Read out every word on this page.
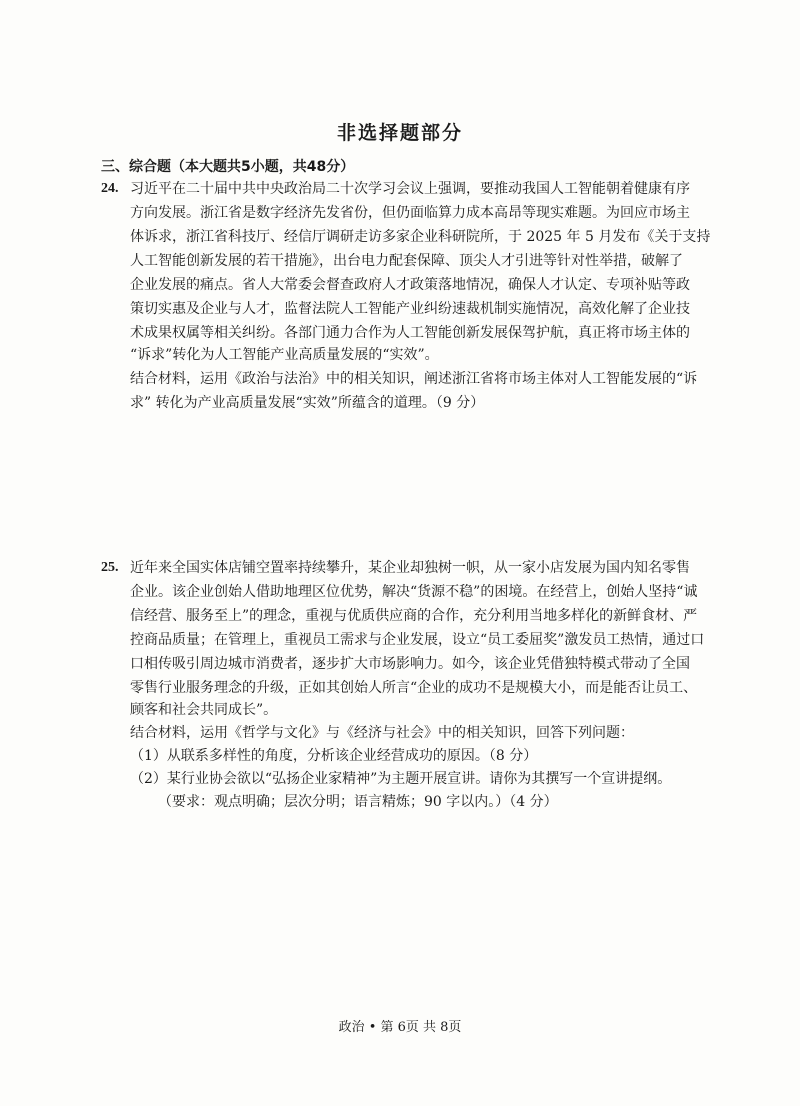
非选择题部分
三、综合题（本大题共5小题，共48分）
24. 习近平在二十届中共中央政治局二十次学习会议上强调，要推动我国人工智能朝着健康有序
方向发展。浙江省是数字经济先发省份，但仍面临算力成本高昂等现实难题。为回应市场主
体诉求，浙江省科技厅、经信厅调研走访多家企业科研院所，于 2025 年 5 月发布《关于支持
人工智能创新发展的若干措施》，出台电力配套保障、顶尖人才引进等针对性举措，破解了
企业发展的痛点。省人大常委会督查政府人才政策落地情况，确保人才认定、专项补贴等政
策切实惠及企业与人才，监督法院人工智能产业纠纷速裁机制实施情况，高效化解了企业技
术成果权属等相关纠纷。各部门通力合作为人工智能创新发展保驾护航，真正将市场主体的
“诉求”转化为人工智能产业高质量发展的“实效”。
结合材料，运用《政治与法治》中的相关知识，阐述浙江省将市场主体对人工智能发展的“诉
求” 转化为产业高质量发展“实效”所蕴含的道理。（9 分）
25. 近年来全国实体店铺空置率持续攀升，某企业却独树一帜，从一家小店发展为国内知名零售
企业。该企业创始人借助地理区位优势，解决“货源不稳”的困境。在经营上，创始人坚持“诚
信经营、服务至上”的理念，重视与优质供应商的合作，充分利用当地多样化的新鲜食材、严
控商品质量；在管理上，重视员工需求与企业发展，设立“员工委屈奖”激发员工热情，通过口
口相传吸引周边城市消费者，逐步扩大市场影响力。如今，该企业凭借独特模式带动了全国
零售行业服务理念的升级，正如其创始人所言“企业的成功不是规模大小，而是能否让员工、
顾客和社会共同成长”。
结合材料，运用《哲学与文化》与《经济与社会》中的相关知识，回答下列问题：
（1）从联系多样性的角度，分析该企业经营成功的原因。（8 分）
（2）某行业协会欲以“弘扬企业家精神”为主题开展宣讲。请你为其撰写一个宣讲提纲。
（要求：观点明确；层次分明；语言精炼；90 字以内。）（4 分）
政治 • 第 6页 共 8页
